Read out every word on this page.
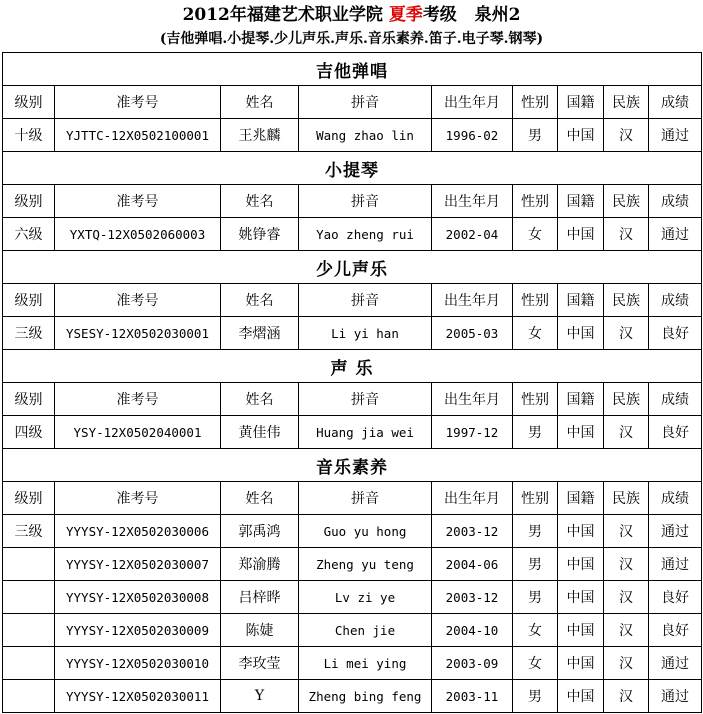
2012年福建艺术职业学院 夏季考级 泉州2
(吉他弹唱.小提琴.少儿声乐.声乐.音乐素养.笛子.电子琴.钢琴)
吉他弹唱								
级别	准考号	姓名	拼音	出生年月	性别	国籍	民族	成绩
十级	YJTTC-12X0502100001	王兆麟	Wang zhao lin	1996-02	男	中国	汉	通过
小提琴								
级别	准考号	姓名	拼音	出生年月	性别	国籍	民族	成绩
六级	YXTQ-12X0502060003	姚铮睿	Yao zheng rui	2002-04	女	中国	汉	通过
少儿声乐								
级别	准考号	姓名	拼音	出生年月	性别	国籍	民族	成绩
三级	YSESY-12X0502030001	李熠涵	Li yi han	2005-03	女	中国	汉	良好
声 乐								
级别	准考号	姓名	拼音	出生年月	性别	国籍	民族	成绩
四级	YSY-12X0502040001	黄佳伟	Huang jia wei	1997-12	男	中国	汉	良好
音乐素养								
级别	准考号	姓名	拼音	出生年月	性别	国籍	民族	成绩
三级	YYYSY-12X0502030006	郭禹鸿	Guo yu hong	2003-12	男	中国	汉	通过
	YYYSY-12X0502030007	郑渝腾	Zheng yu teng	2004-06	男	中国	汉	通过
	YYYSY-12X0502030008	吕梓晔	Lv zi ye	2003-12	男	中国	汉	良好
	YYYSY-12X0502030009	陈婕	Chen jie	2004-10	女	中国	汉	良好
	YYYSY-12X0502030010	李玫莹	Li mei ying	2003-09	女	中国	汉	通过
	YYYSY-12X0502030011	Y	Zheng bing feng	2003-11	男	中国	汉	通过
